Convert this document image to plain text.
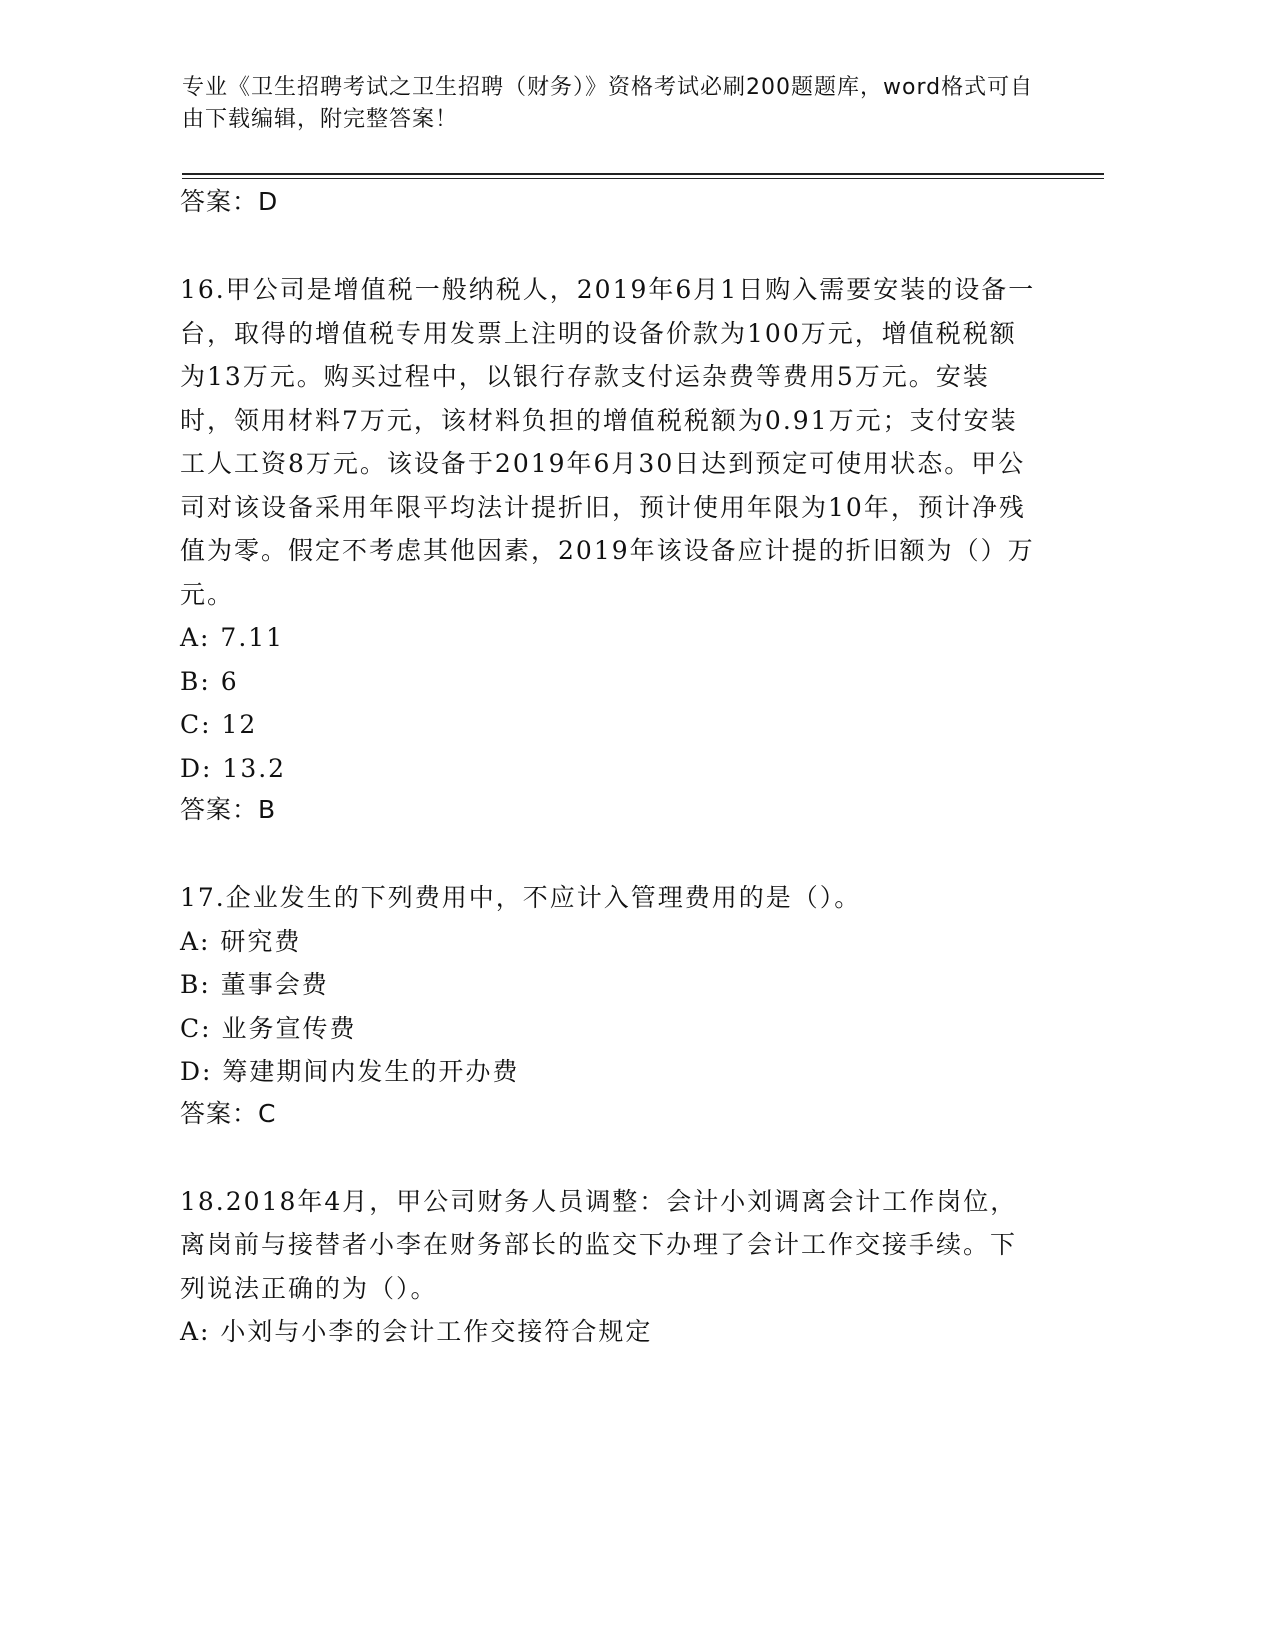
专业《卫生招聘考试之卫生招聘（财务）》资格考试必刷200题题库，word格式可自由下载编辑，附完整答案！

答案：D

16.甲公司是增值税一般纳税人，2019年6月1日购入需要安装的设备一台，取得的增值税专用发票上注明的设备价款为100万元，增值税税额为13万元。购买过程中，以银行存款支付运杂费等费用5万元。安装时，领用材料7万元，该材料负担的增值税税额为0.91万元；支付安装工人工资8万元。该设备于2019年6月30日达到预定可使用状态。甲公司对该设备采用年限平均法计提折旧，预计使用年限为10年，预计净残值为零。假定不考虑其他因素，2019年该设备应计提的折旧额为（）万元。

A: 7.11

B: 6

C: 12

D: 13.2

答案：B

17.企业发生的下列费用中，不应计入管理费用的是（）。

A: 研究费

B: 董事会费

C: 业务宣传费

D: 筹建期间内发生的开办费

答案：C

18.2018年4月，甲公司财务人员调整：会计小刘调离会计工作岗位，离岗前与接替者小李在财务部长的监交下办理了会计工作交接手续。下列说法正确的为（）。

A: 小刘与小李的会计工作交接符合规定
